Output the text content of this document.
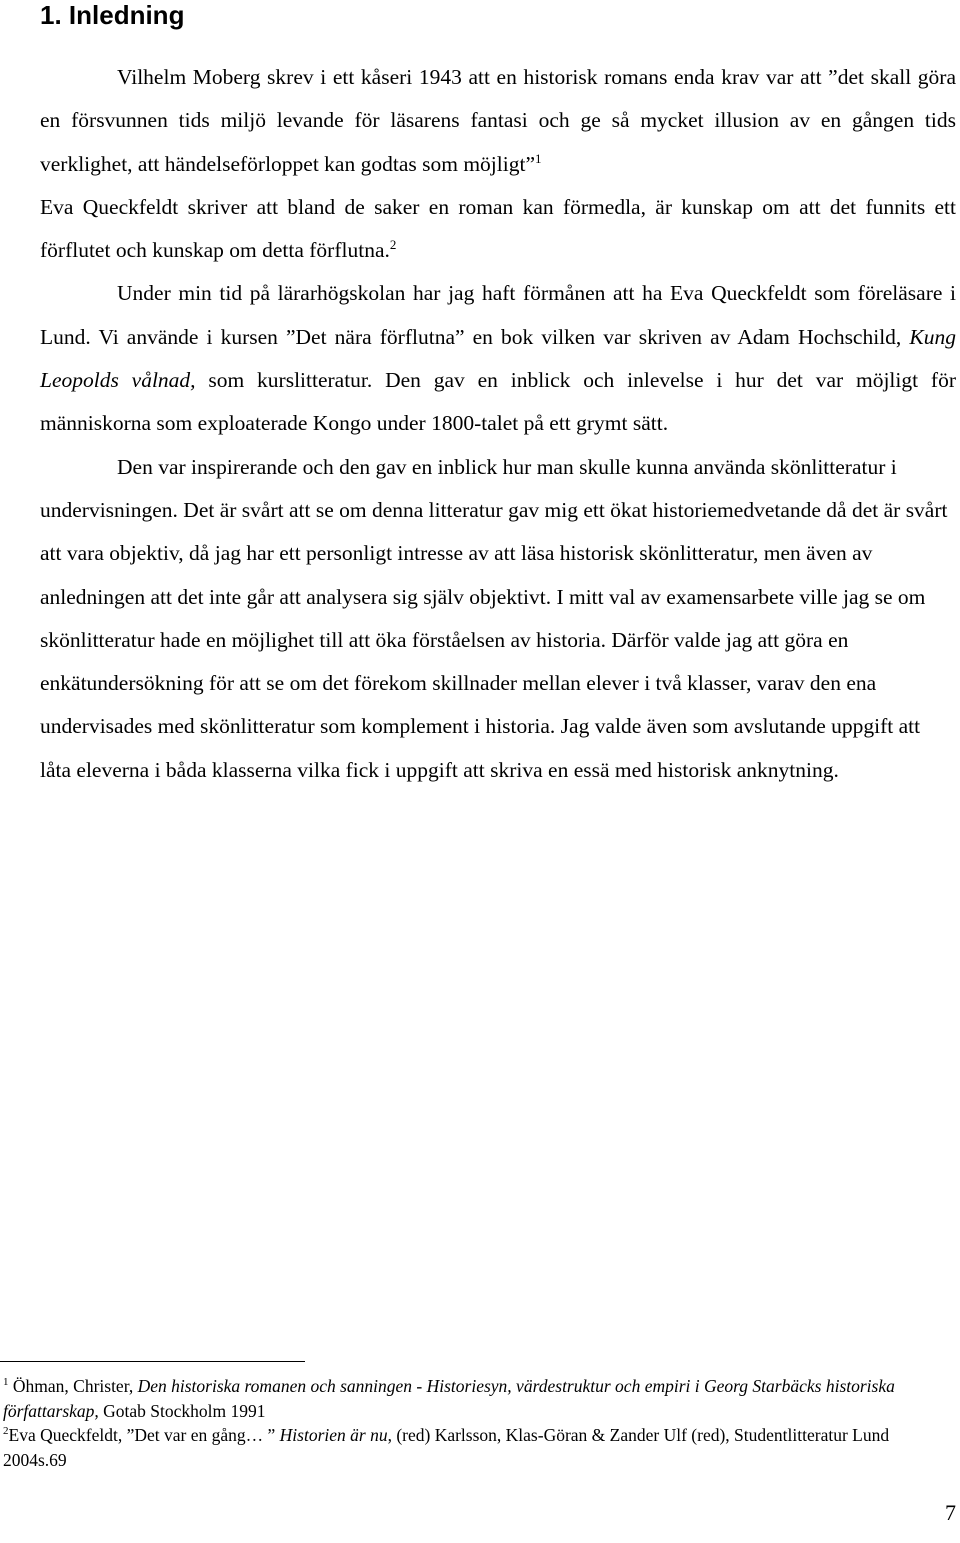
1. Inledning

Vilhelm Moberg skrev i ett kåseri 1943 att en historisk romans enda krav var att ”det skall göra en försvunnen tids miljö levande för läsarens fantasi och ge så mycket illusion av en gången tids verklighet, att händelseförloppet kan godtas som möjligt”$^1$

Eva Queckfeldt skriver att bland de saker en roman kan förmedla, är kunskap om att det funnits ett förflutet och kunskap om detta förflutna.$^2$

Under min tid på lärarhögskolan har jag haft förmånen att ha Eva Queckfeldt som föreläsare i Lund. Vi använde i kursen ”Det nära förflutna” en bok vilken var skriven av Adam Hochschild, Kung Leopolds vålnad, som kurslitteratur. Den gav en inblick och inlevelse i hur det var möjligt för människorna som exploaterade Kongo under 1800-talet på ett grymt sätt.

Den var inspirerande och den gav en inblick hur man skulle kunna använda skönlitteratur i undervisningen. Det är svårt att se om denna litteratur gav mig ett ökat historiemedvetande då det är svårt att vara objektiv, då jag har ett personligt intresse av att läsa historisk skönlitteratur, men även av anledningen att det inte går att analysera sig själv objektivt. I mitt val av examensarbete ville jag se om skönlitteratur hade en möjlighet till att öka förståelsen av historia. Därför valde jag att göra en enkätundersökning för att se om det förekom skillnader mellan elever i två klasser, varav den ena undervisades med skönlitteratur som komplement i historia. Jag valde även som avslutande uppgift att låta eleverna i båda klasserna vilka fick i uppgift att skriva en essä med historisk anknytning.

$^1$ Öhman, Christer, Den historiska romanen och sanningen - Historiesyn, värdestruktur och empiri i Georg Starbäcks historiska författarskap, Gotab Stockholm 1991

$^2$Eva Queckfeldt, ”Det var en gång… ” Historien är nu, (red) Karlsson, Klas-Göran & Zander Ulf (red), Studentlitteratur Lund 2004s.69

7
